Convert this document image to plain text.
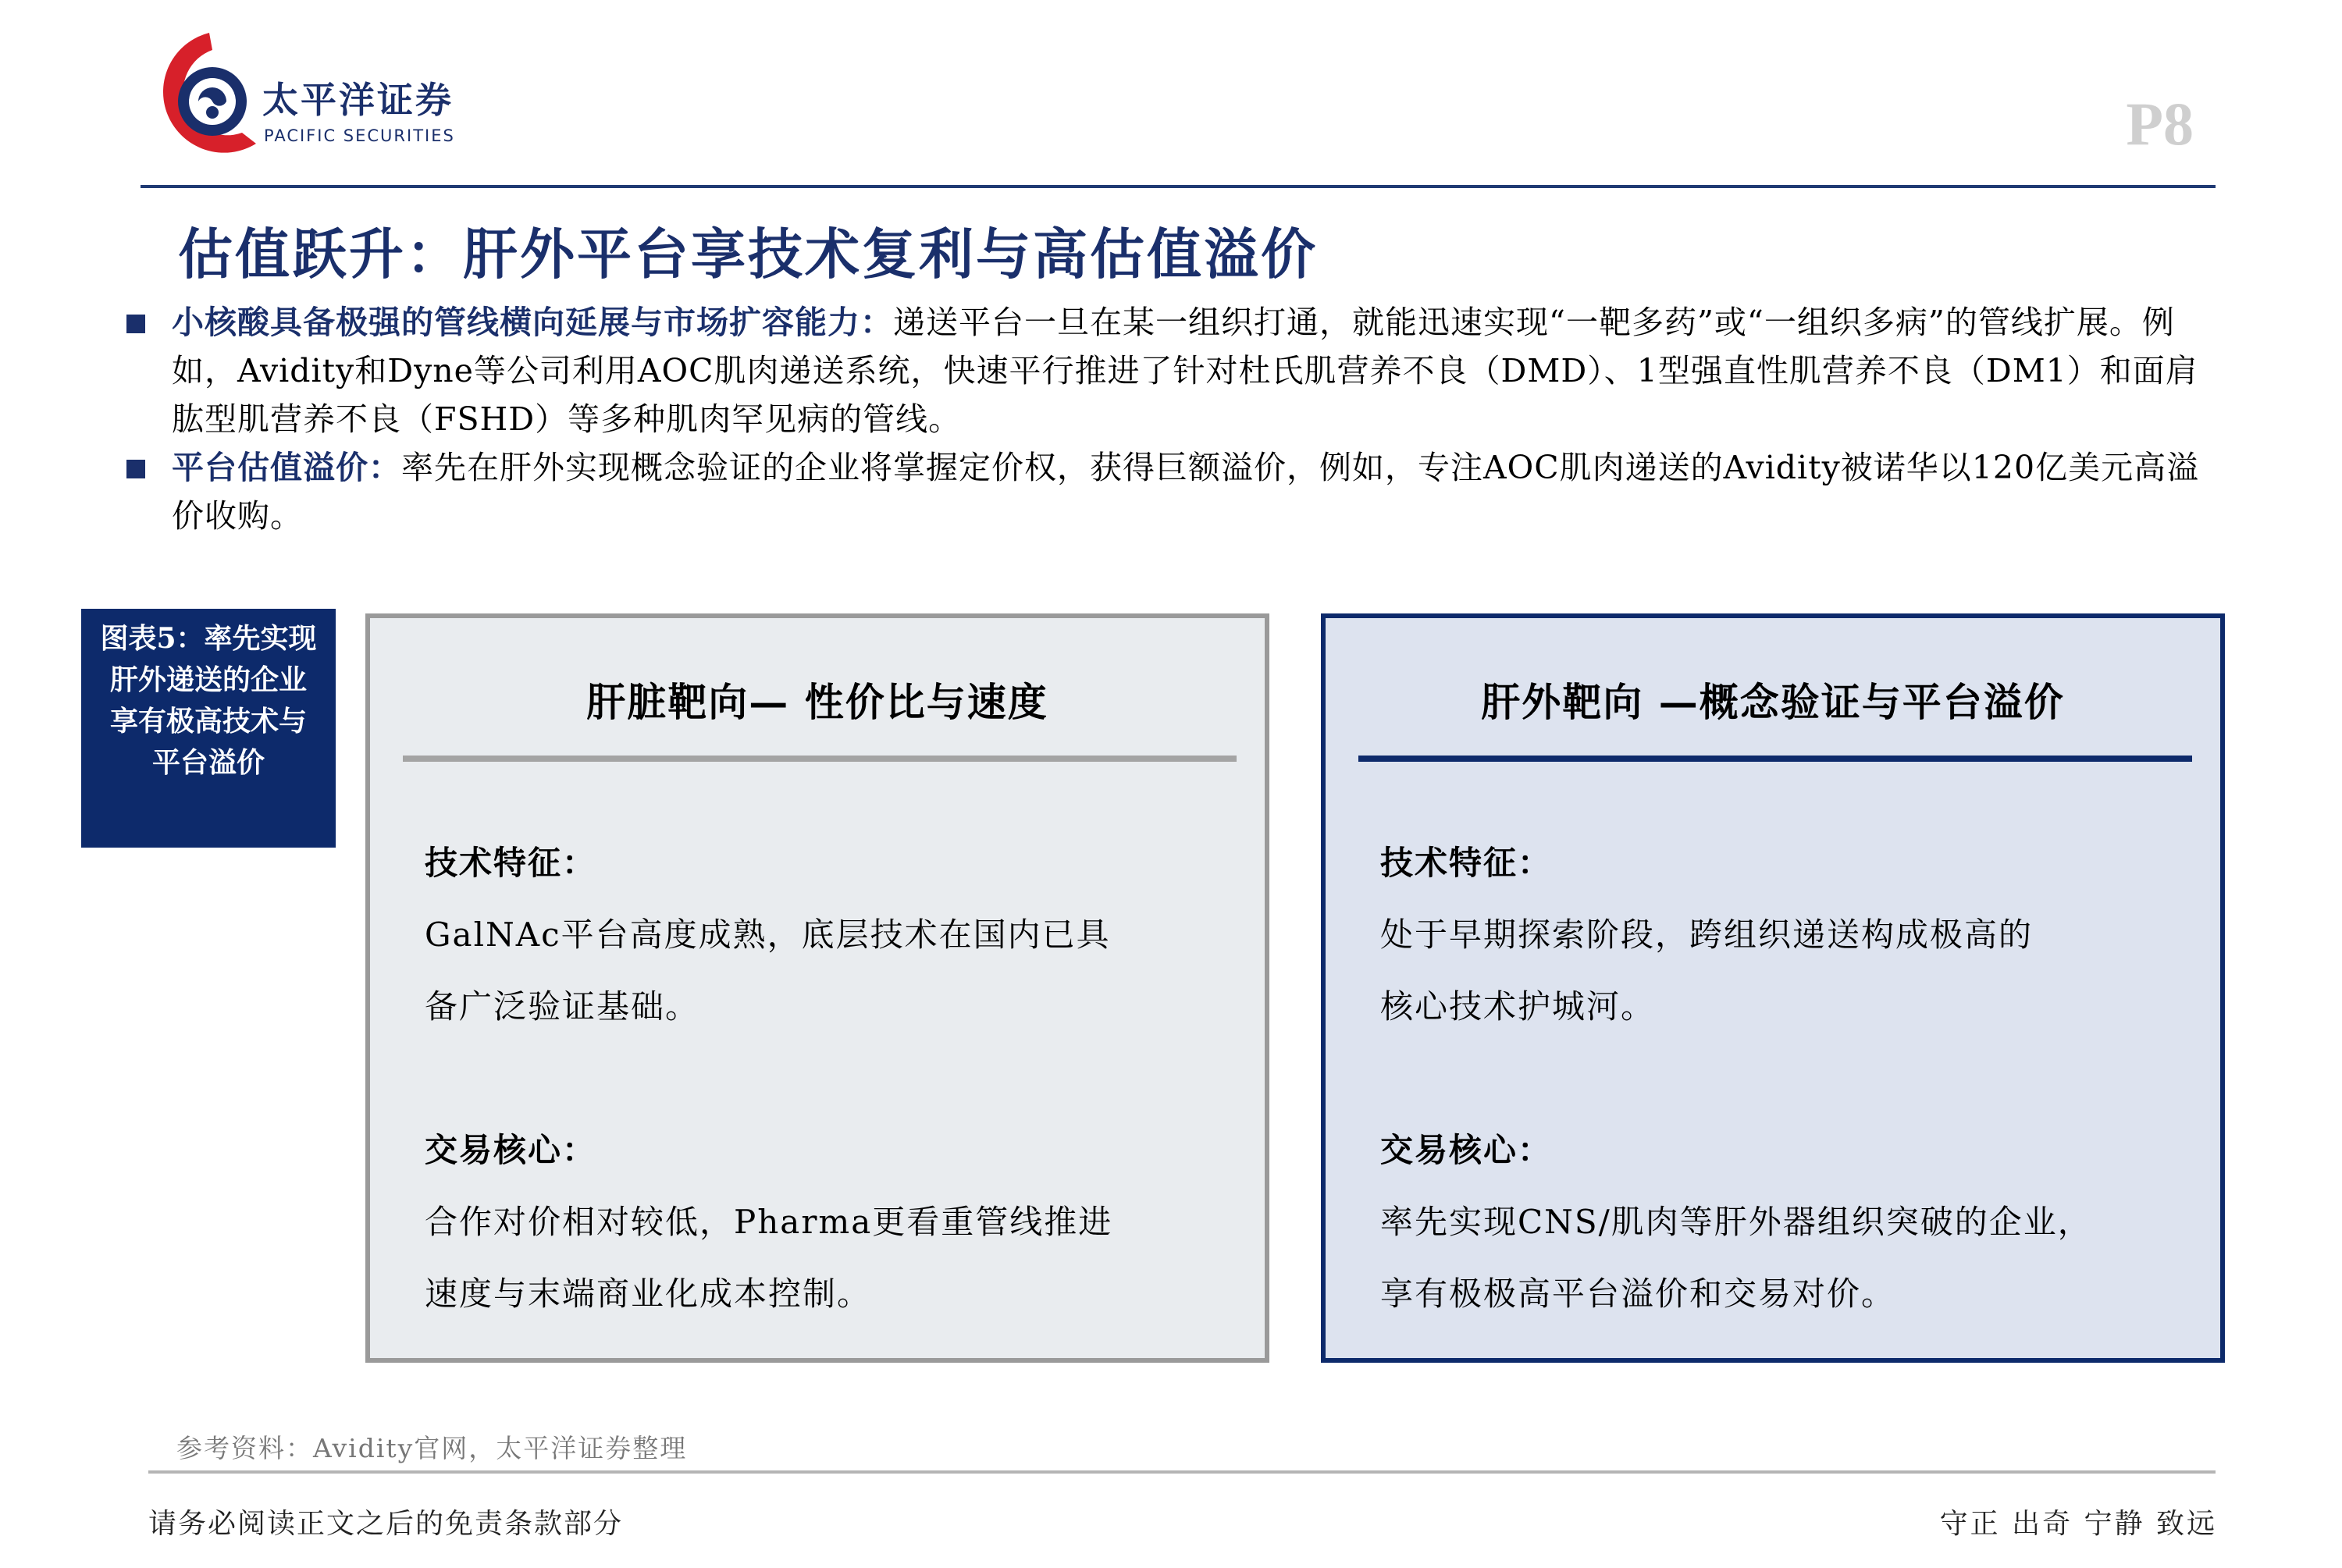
太平洋证券
PACIFIC SECURITIES	P8
估值跃升：肝外平台享技术复利与高估值溢价
小核酸具备极强的管线横向延展与市场扩容能力：递送平台一旦在某一组织打通，就能迅速实现“一靶多药”或“一组织多病”的管线扩展。例如，Avidity和Dyne等公司利用AOC肌肉递送系统，快速平行推进了针对杜氏肌营养不良（DMD）、1型强直性肌营养不良（DM1）和面肩肱型肌营养不良（FSHD）等多种肌肉罕见病的管线。
平台估值溢价：率先在肝外实现概念验证的企业将掌握定价权，获得巨额溢价，例如，专注AOC肌肉递送的Avidity被诺华以120亿美元高溢价收购。
图表5：率先实现肝外递送的企业享有极高技术与平台溢价
肝脏靶向— 性价比与速度
技术特征：
GalNAc平台高度成熟，底层技术在国内已具
备广泛验证基础。
交易核心：
合作对价相对较低，Pharma更看重管线推进
速度与末端商业化成本控制。
肝外靶向 —概念验证与平台溢价
技术特征：
处于早期探索阶段，跨组织递送构成极高的
核心技术护城河。
交易核心：
率先实现CNS/肌肉等肝外器组织突破的企业，
享有极极高平台溢价和交易对价。
参考资料：Avidity官网，太平洋证券整理
请务必阅读正文之后的免责条款部分	守正 出奇 宁静 致远
